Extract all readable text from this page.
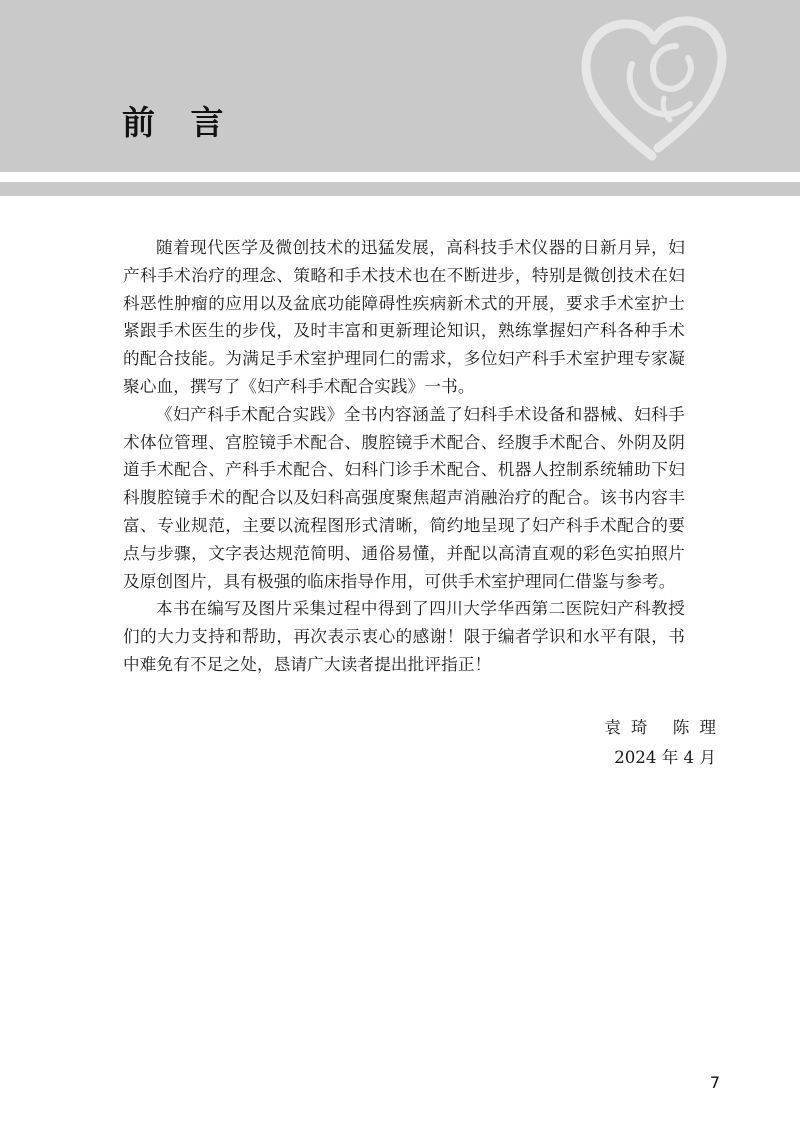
前 言

随着现代医学及微创技术的迅猛发展，高科技手术仪器的日新月异，妇产科手术治疗的理念、策略和手术技术也在不断进步，特别是微创技术在妇科恶性肿瘤的应用以及盆底功能障碍性疾病新术式的开展，要求手术室护士紧跟手术医生的步伐，及时丰富和更新理论知识，熟练掌握妇产科各种手术的配合技能。为满足手术室护理同仁的需求，多位妇产科手术室护理专家凝聚心血，撰写了《妇产科手术配合实践》一书。

《妇产科手术配合实践》全书内容涵盖了妇科手术设备和器械、妇科手术体位管理、宫腔镜手术配合、腹腔镜手术配合、经腹手术配合、外阴及阴道手术配合、产科手术配合、妇科门诊手术配合、机器人控制系统辅助下妇科腹腔镜手术的配合以及妇科高强度聚焦超声消融治疗的配合。该书内容丰富、专业规范，主要以流程图形式清晰，简约地呈现了妇产科手术配合的要点与步骤，文字表达规范简明、通俗易懂，并配以高清直观的彩色实拍照片及原创图片，具有极强的临床指导作用，可供手术室护理同仁借鉴与参考。

本书在编写及图片采集过程中得到了四川大学华西第二医院妇产科教授们的大力支持和帮助，再次表示衷心的感谢！限于编者学识和水平有限，书中难免有不足之处，恳请广大读者提出批评指正！

袁琦 陈理
2024 年 4 月
7
